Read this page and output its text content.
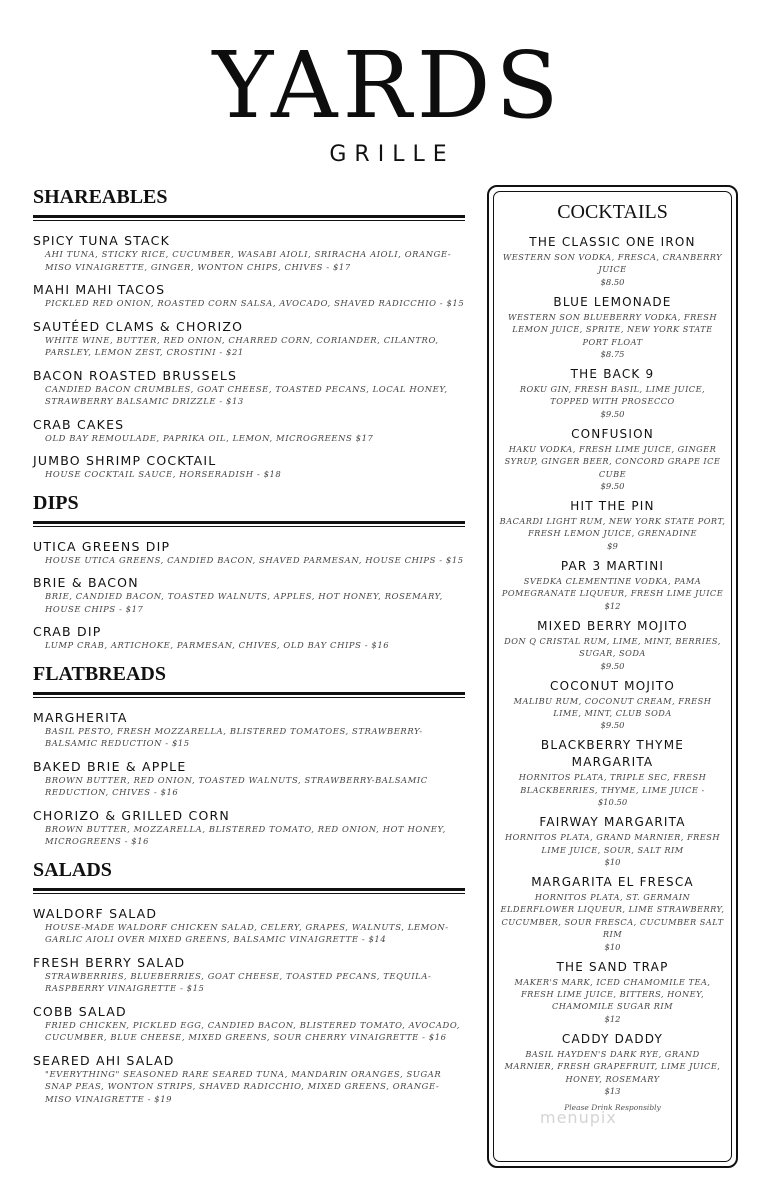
YARDS
GRILLE
SHAREABLES
SPICY TUNA STACK
AHI TUNA, STICKY RICE, CUCUMBER, WASABI AIOLI, SRIRACHA AIOLI, ORANGE-MISO VINAIGRETTE, GINGER, WONTON CHIPS, CHIVES - $17
MAHI MAHI TACOS
PICKLED RED ONION, ROASTED CORN SALSA, AVOCADO, SHAVED RADICCHIO - $15
SAUTÉED CLAMS & CHORIZO
WHITE WINE, BUTTER, RED ONION, CHARRED CORN, CORIANDER, CILANTRO, PARSLEY, LEMON ZEST, CROSTINI - $21
BACON ROASTED BRUSSELS
CANDIED BACON CRUMBLES, GOAT CHEESE, TOASTED PECANS, LOCAL HONEY, STRAWBERRY BALSAMIC DRIZZLE - $13
CRAB CAKES
OLD BAY REMOULADE, PAPRIKA OIL, LEMON, MICROGREENS $17
JUMBO SHRIMP COCKTAIL
HOUSE COCKTAIL SAUCE, HORSERADISH - $18
DIPS
UTICA GREENS DIP
HOUSE UTICA GREENS, CANDIED BACON, SHAVED PARMESAN, HOUSE CHIPS - $15
BRIE & BACON
BRIE, CANDIED BACON, TOASTED WALNUTS, APPLES, HOT HONEY, ROSEMARY, HOUSE CHIPS - $17
CRAB DIP
LUMP CRAB, ARTICHOKE, PARMESAN, CHIVES, OLD BAY CHIPS - $16
FLATBREADS
MARGHERITA
BASIL PESTO, FRESH MOZZARELLA, BLISTERED TOMATOES, STRAWBERRY-BALSAMIC REDUCTION - $15
BAKED BRIE & APPLE
BROWN BUTTER, RED ONION, TOASTED WALNUTS, STRAWBERRY-BALSAMIC REDUCTION, CHIVES - $16
CHORIZO & GRILLED CORN
BROWN BUTTER, MOZZARELLA, BLISTERED TOMATO, RED ONION, HOT HONEY, MICROGREENS - $16
SALADS
WALDORF SALAD
HOUSE-MADE WALDORF CHICKEN SALAD, CELERY, GRAPES, WALNUTS, LEMON-GARLIC AIOLI OVER MIXED GREENS, BALSAMIC VINAIGRETTE - $14
FRESH BERRY SALAD
STRAWBERRIES, BLUEBERRIES, GOAT CHEESE, TOASTED PECANS, TEQUILA-RASPBERRY VINAIGRETTE - $15
COBB SALAD
FRIED CHICKEN, PICKLED EGG, CANDIED BACON, BLISTERED TOMATO, AVOCADO, CUCUMBER, BLUE CHEESE, MIXED GREENS, SOUR CHERRY VINAIGRETTE - $16
SEARED AHI SALAD
"EVERYTHING" SEASONED RARE SEARED TUNA, MANDARIN ORANGES, SUGAR SNAP PEAS, WONTON STRIPS, SHAVED RADICCHIO, MIXED GREENS, ORANGE-MISO VINAIGRETTE - $19
COCKTAILS
THE CLASSIC ONE IRON
WESTERN SON VODKA, FRESCA, CRANBERRY JUICE
$8.50
BLUE LEMONADE
WESTERN SON BLUEBERRY VODKA, FRESH LEMON JUICE, SPRITE, NEW YORK STATE PORT FLOAT
$8.75
THE BACK 9
ROKU GIN, FRESH BASIL, LIME JUICE, TOPPED WITH PROSECCO
$9.50
CONFUSION
HAKU VODKA, FRESH LIME JUICE, GINGER SYRUP, GINGER BEER, CONCORD GRAPE ICE CUBE
$9.50
HIT THE PIN
BACARDI LIGHT RUM, NEW YORK STATE PORT, FRESH LEMON JUICE, GRENADINE
$9
PAR 3 MARTINI
SVEDKA CLEMENTINE VODKA, PAMA POMEGRANATE LIQUEUR, FRESH LIME JUICE
$12
MIXED BERRY MOJITO
DON Q CRISTAL RUM, LIME, MINT, BERRIES, SUGAR, SODA
$9.50
COCONUT MOJITO
MALIBU RUM, COCONUT CREAM, FRESH LIME, MINT, CLUB SODA
$9.50
BLACKBERRY THYME MARGARITA
HORNITOS PLATA, TRIPLE SEC, FRESH BLACKBERRIES, THYME, LIME JUICE -
$10.50
FAIRWAY MARGARITA
HORNITOS PLATA, GRAND MARNIER, FRESH LIME JUICE, SOUR, SALT RIM
$10
MARGARITA EL FRESCA
HORNITOS PLATA, ST. GERMAIN ELDERFLOWER LIQUEUR, LIME STRAWBERRY, CUCUMBER, SOUR FRESCA, CUCUMBER SALT RIM
$10
THE SAND TRAP
MAKER'S MARK, ICED CHAMOMILE TEA, FRESH LIME JUICE, BITTERS, HONEY, CHAMOMILE SUGAR RIM
$12
CADDY DADDY
BASIL HAYDEN'S DARK RYE, GRAND MARNIER, FRESH GRAPEFRUIT, LIME JUICE, HONEY, ROSEMARY
$13
Please Drink Responsibly
menupix
